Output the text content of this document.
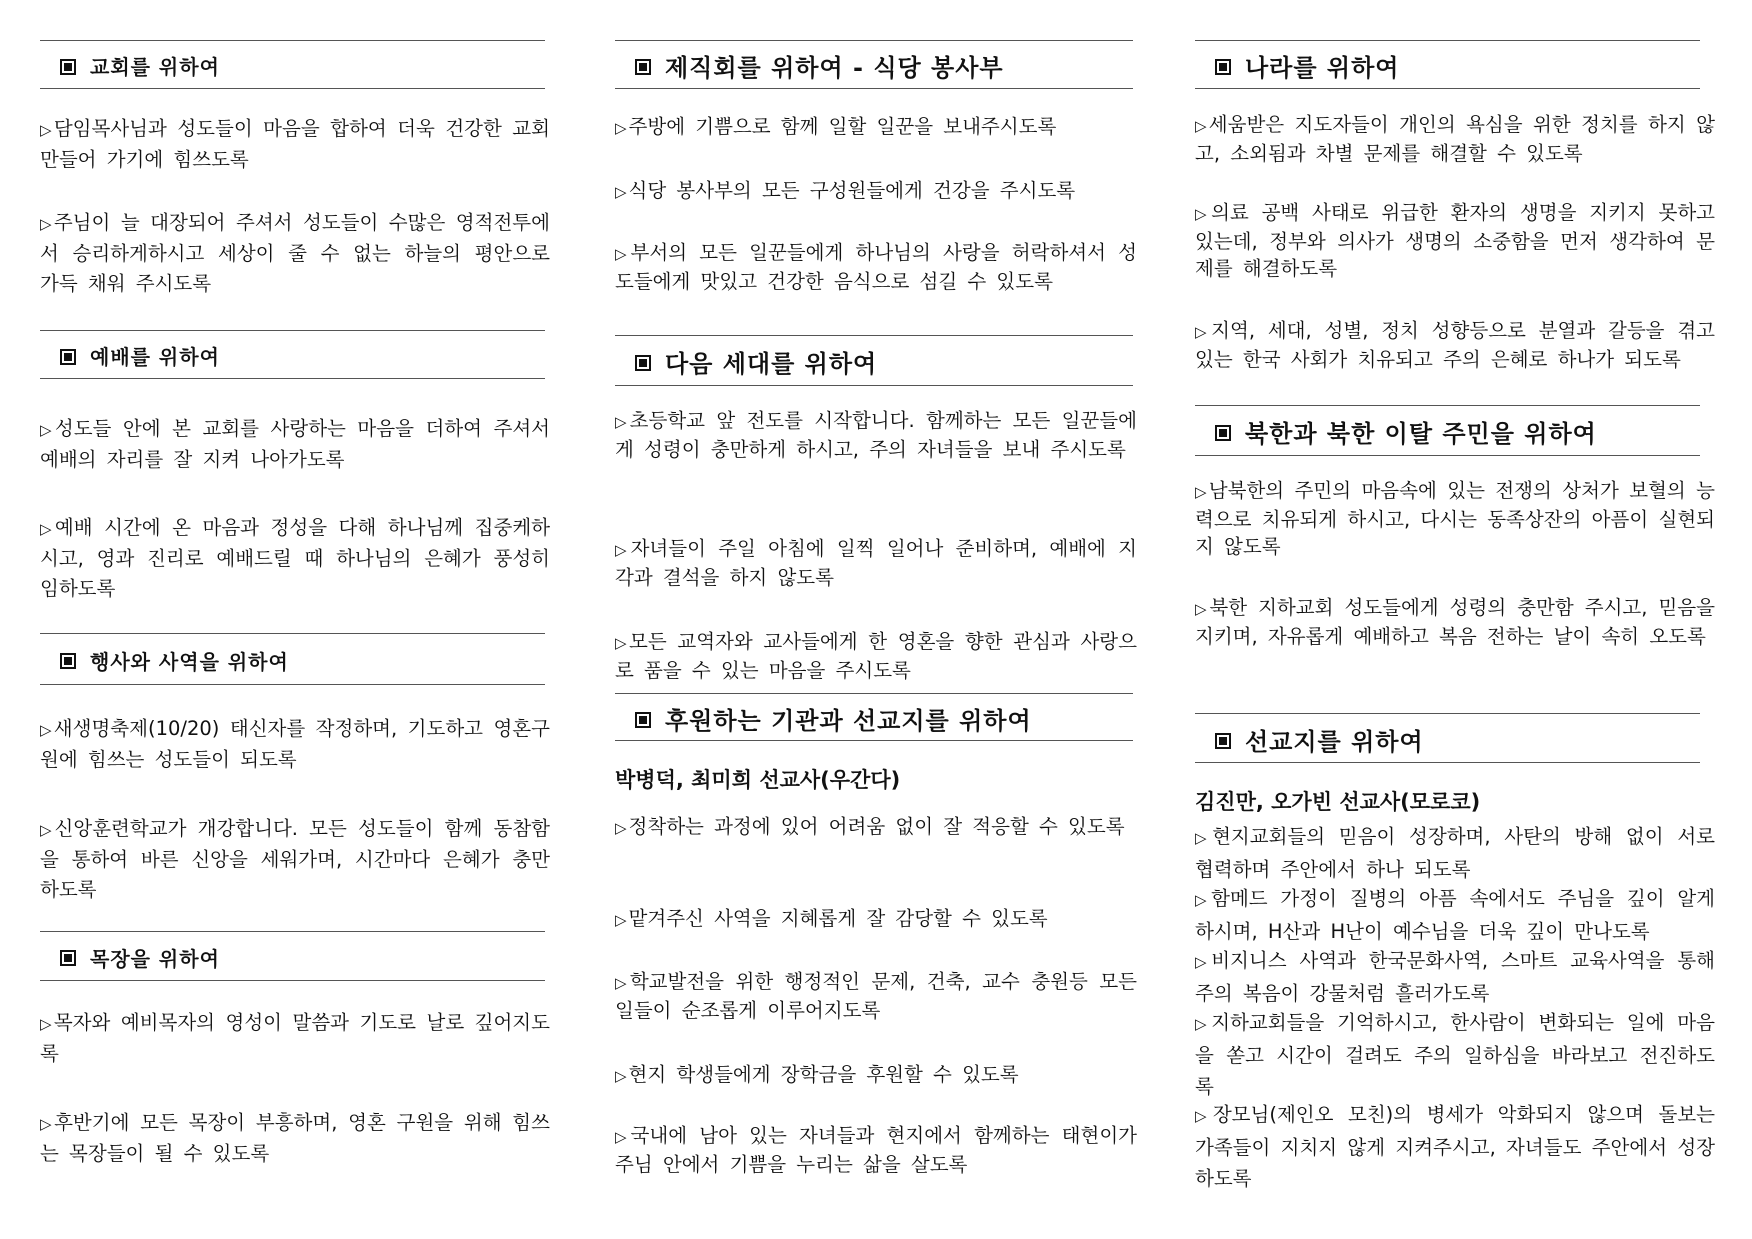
교회를 위하여
▷ 담임목사님과 성도들이 마음을 합하여 더욱 건강한 교회 만들어 가기에 힘쓰도록
▷ 주님이 늘 대장되어 주셔서 성도들이 수많은 영적전투에서 승리하게하시고 세상이 줄 수 없는 하늘의 평안으로 가득 채워 주시도록
예배를 위하여
▷ 성도들 안에 본 교회를 사랑하는 마음을 더하여 주셔서 예배의 자리를 잘 지켜 나아가도록
▷ 예배 시간에 온 마음과 정성을 다해 하나님께 집중케하시고, 영과 진리로 예배드릴 때 하나님의 은혜가 풍성히 임하도록
행사와 사역을 위하여
▷ 새생명축제(10/20) 태신자를 작정하며, 기도하고 영혼구원에 힘쓰는 성도들이 되도록
▷ 신앙훈련학교가 개강합니다. 모든 성도들이 함께 동참함을 통하여 바른 신앙을 세워가며, 시간마다 은혜가 충만하도록
목장을 위하여
▷ 목자와 예비목자의 영성이 말씀과 기도로 날로 깊어지도록
▷ 후반기에 모든 목장이 부흥하며, 영혼 구원을 위해 힘쓰는 목장들이 될 수 있도록
제직회를 위하여 - 식당 봉사부
▷ 주방에 기쁨으로 함께 일할 일꾼을 보내주시도록
▷ 식당 봉사부의 모든 구성원들에게 건강을 주시도록
▷ 부서의 모든 일꾼들에게 하나님의 사랑을 허락하셔서 성도들에게 맛있고 건강한 음식으로 섬길 수 있도록
다음 세대를 위하여
▷ 초등학교 앞 전도를 시작합니다. 함께하는 모든 일꾼들에게 성령이 충만하게 하시고, 주의 자녀들을 보내 주시도록
▷ 자녀들이 주일 아침에 일찍 일어나 준비하며, 예배에 지각과 결석을 하지 않도록
▷ 모든 교역자와 교사들에게 한 영혼을 향한 관심과 사랑으로 품을 수 있는 마음을 주시도록
후원하는 기관과 선교지를 위하여
박병덕, 최미희 선교사(우간다)
▷ 정착하는 과정에 있어 어려움 없이 잘 적응할 수 있도록
▷ 맡겨주신 사역을 지혜롭게 잘 감당할 수 있도록
▷ 학교발전을 위한 행정적인 문제, 건축, 교수 충원등 모든 일들이 순조롭게 이루어지도록
▷ 현지 학생들에게 장학금을 후원할 수 있도록
▷ 국내에 남아 있는 자녀들과 현지에서 함께하는 태현이가 주님 안에서 기쁨을 누리는 삶을 살도록
나라를 위하여
▷ 세움받은 지도자들이 개인의 욕심을 위한 정치를 하지 않고, 소외됨과 차별 문제를 해결할 수 있도록
▷ 의료 공백 사태로 위급한 환자의 생명을 지키지 못하고 있는데, 정부와 의사가 생명의 소중함을 먼저 생각하여 문제를 해결하도록
▷ 지역, 세대, 성별, 정치 성향등으로 분열과 갈등을 겪고 있는 한국 사회가 치유되고 주의 은혜로 하나가 되도록
북한과 북한 이탈 주민을 위하여
▷ 남북한의 주민의 마음속에 있는 전쟁의 상처가 보혈의 능력으로 치유되게 하시고, 다시는 동족상잔의 아픔이 실현되지 않도록
▷ 북한 지하교회 성도들에게 성령의 충만함 주시고, 믿음을 지키며, 자유롭게 예배하고 복음 전하는 날이 속히 오도록
선교지를 위하여
김진만, 오가빈 선교사(모로코)
▷ 현지교회들의 믿음이 성장하며, 사탄의 방해 없이 서로 협력하며 주안에서 하나 되도록
▷ 함메드 가정이 질병의 아픔 속에서도 주님을 깊이 알게 하시며, H산과 H난이 예수님을 더욱 깊이 만나도록
▷ 비지니스 사역과 한국문화사역, 스마트 교육사역을 통해 주의 복음이 강물처럼 흘러가도록
▷ 지하교회들을 기억하시고, 한사람이 변화되는 일에 마음을 쏟고 시간이 걸려도 주의 일하심을 바라보고 전진하도록
▷ 장모님(제인오 모친)의 병세가 악화되지 않으며 돌보는 가족들이 지치지 않게 지켜주시고, 자녀들도 주안에서 성장하도록
